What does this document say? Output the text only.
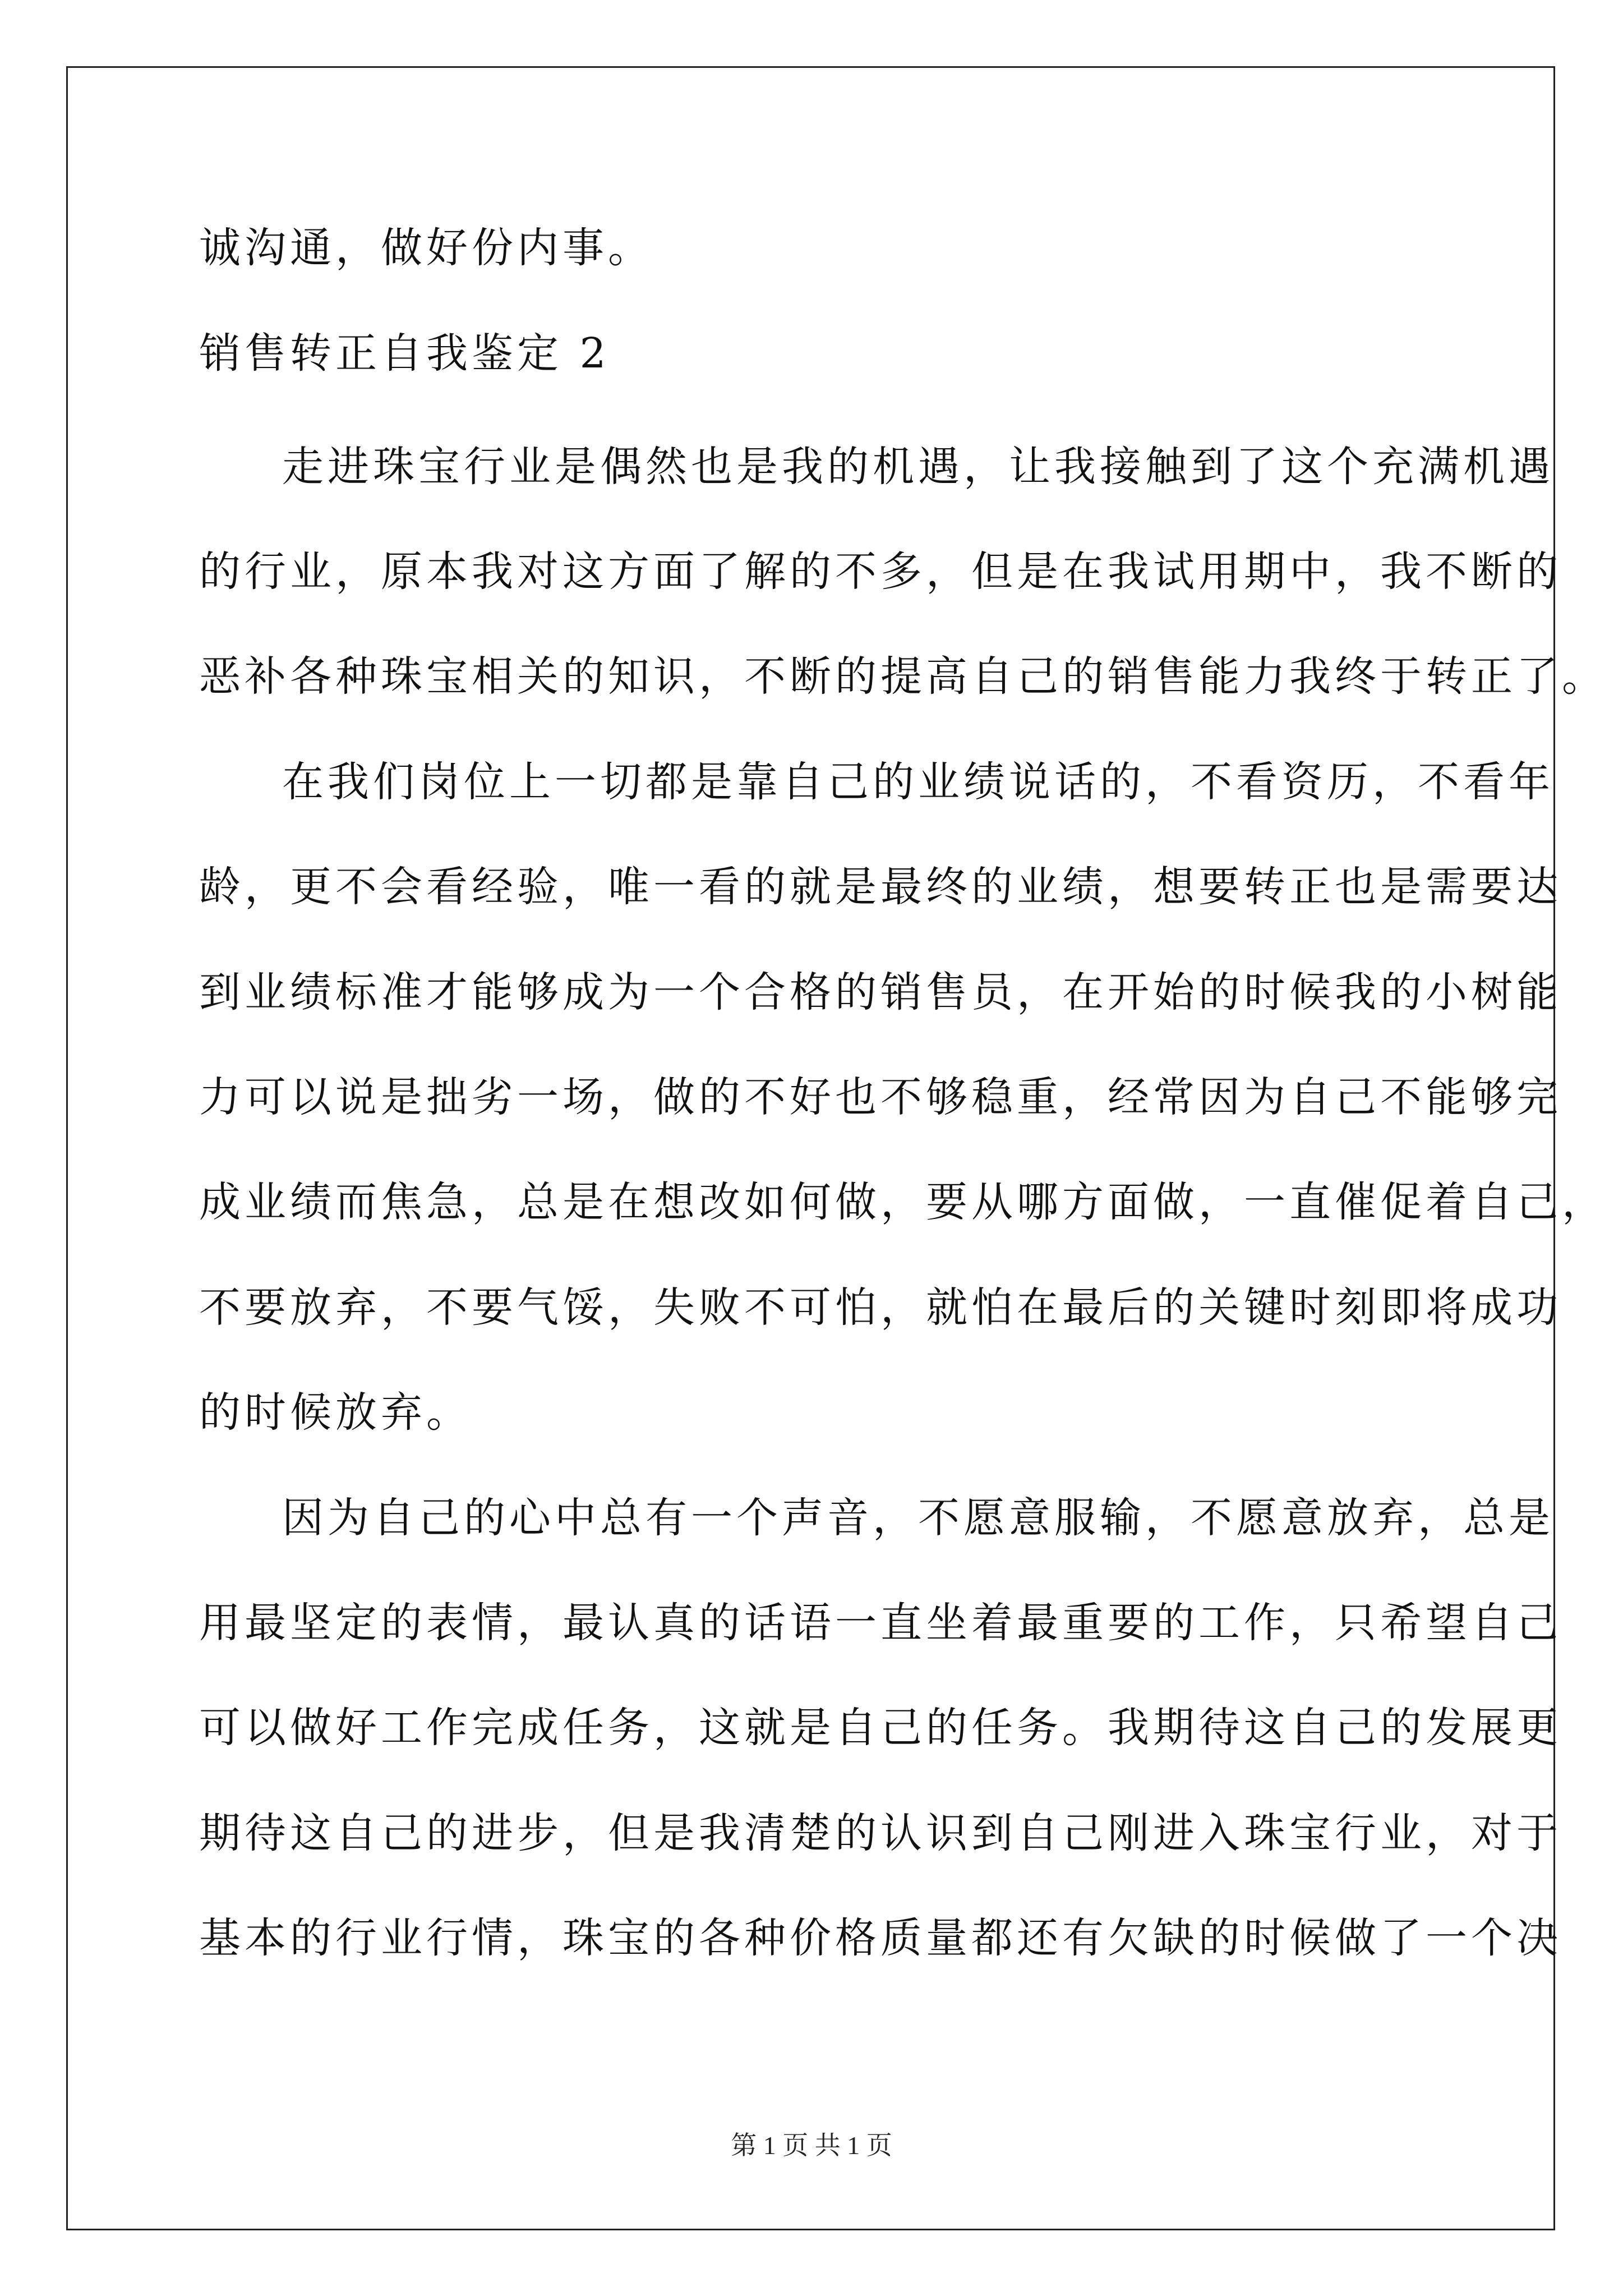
诚沟通，做好份内事。
销售转正自我鉴定 2
走进珠宝行业是偶然也是我的机遇，让我接触到了这个充满机遇
的行业，原本我对这方面了解的不多，但是在我试用期中，我不断的
恶补各种珠宝相关的知识，不断的提高自己的销售能力我终于转正了。
在我们岗位上一切都是靠自己的业绩说话的，不看资历，不看年
龄，更不会看经验，唯一看的就是最终的业绩，想要转正也是需要达
到业绩标准才能够成为一个合格的销售员，在开始的时候我的小树能
力可以说是拙劣一场，做的不好也不够稳重，经常因为自己不能够完
成业绩而焦急，总是在想改如何做，要从哪方面做，一直催促着自己，
不要放弃，不要气馁，失败不可怕，就怕在最后的关键时刻即将成功
的时候放弃。
因为自己的心中总有一个声音，不愿意服输，不愿意放弃，总是
用最坚定的表情，最认真的话语一直坐着最重要的工作，只希望自己
可以做好工作完成任务，这就是自己的任务。我期待这自己的发展更
期待这自己的进步，但是我清楚的认识到自己刚进入珠宝行业，对于
基本的行业行情，珠宝的各种价格质量都还有欠缺的时候做了一个决
第 1 页 共 1 页
